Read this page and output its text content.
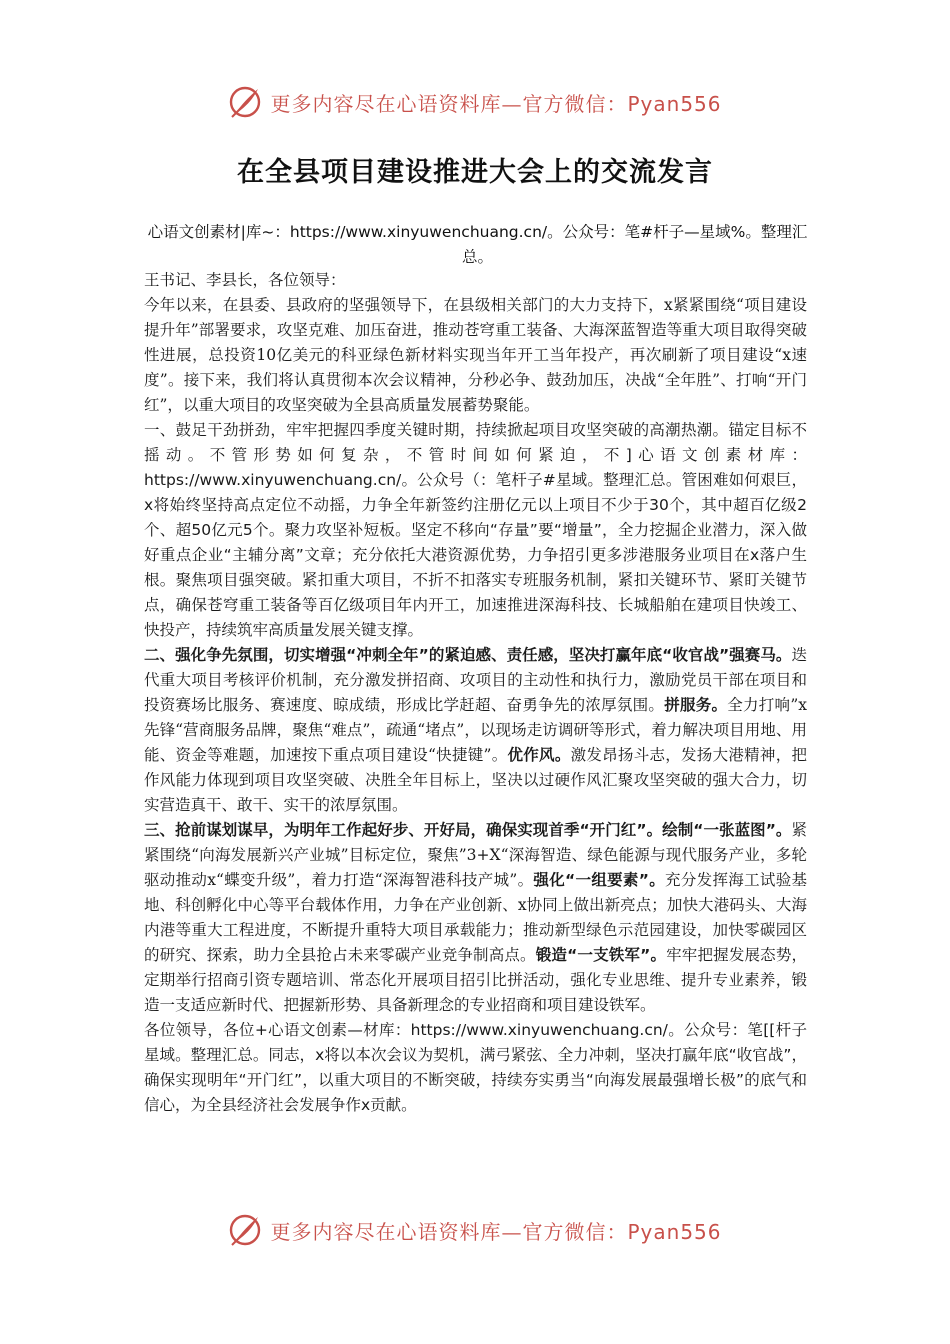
更多内容尽在心语资料库—官方微信：Pyan556
在全县项目建设推进大会上的交流发言

心语文创素材|库~：https://www.xinyuwenchuang.cn/。公众号：笔#杆子—星域%。整理汇总。

王书记、李县长，各位领导：

今年以来，在县委、县政府的坚强领导下，在县级相关部门的大力支持下，x紧紧围绕“项目建设提升年”部署要求，攻坚克难、加压奋进，推动苍穹重工装备、大海深蓝智造等重大项目取得突破性进展，总投资10亿美元的科亚绿色新材料实现当年开工当年投产，再次刷新了项目建设“x速度”。接下来，我们将认真贯彻本次会议精神，分秒必争、鼓劲加压，决战“全年胜”、打响“开门红”，以重大项目的攻坚突破为全县高质量发展蓄势聚能。

一、鼓足干劲拼劲，牢牢把握四季度关键时期，持续掀起项目攻坚突破的高潮热潮。锚定目标不摇动。不管形势如何复杂，不管时间如何紧迫，不]心语文创素材库：https://www.xinyuwenchuang.cn/。公众号（：笔杆子#星域。整理汇总。管困难如何艰巨，x将始终坚持高点定位不动摇，力争全年新签约注册亿元以上项目不少于30个，其中超百亿级2个、超50亿元5个。聚力攻坚补短板。坚定不移向“存量”要“增量”，全力挖掘企业潜力，深入做好重点企业“主辅分离”文章；充分依托大港资源优势，力争招引更多涉港服务业项目在x落户生根。聚焦项目强突破。紧扣重大项目，不折不扣落实专班服务机制，紧扣关键环节、紧盯关键节点，确保苍穹重工装备等百亿级项目年内开工，加速推进深海科技、长城船舶在建项目快竣工、快投产，持续筑牢高质量发展关键支撑。

二、强化争先氛围，切实增强“冲刺全年”的紧迫感、责任感，坚决打赢年底“收官战”强赛马。迭代重大项目考核评价机制，充分激发拼招商、攻项目的主动性和执行力，激励党员干部在项目和投资赛场比服务、赛速度、晾成绩，形成比学赶超、奋勇争先的浓厚氛围。拼服务。全力打响”x先锋“营商服务品牌，聚焦“难点”，疏通“堵点”，以现场走访调研等形式，着力解决项目用地、用能、资金等难题，加速按下重点项目建设“快捷键”。优作风。激发昂扬斗志，发扬大港精神，把作风能力体现到项目攻坚突破、决胜全年目标上，坚决以过硬作风汇聚攻坚突破的强大合力，切实营造真干、敢干、实干的浓厚氛围。

三、抢前谋划谋早，为明年工作起好步、开好局，确保实现首季“开门红”。绘制“一张蓝图”。紧紧围绕“向海发展新兴产业城”目标定位，聚焦”3+X“深海智造、绿色能源与现代服务产业，多轮驱动推动x“蝶变升级”，着力打造“深海智港科技产城”。强化“一组要素”。充分发挥海工试验基地、科创孵化中心等平台载体作用，力争在产业创新、x协同上做出新亮点；加快大港码头、大海内港等重大工程进度，不断提升重特大项目承载能力；推动新型绿色示范园建设，加快零碳园区的研究、探索，助力全县抢占未来零碳产业竞争制高点。锻造“一支铁军”。牢牢把握发展态势，定期举行招商引资专题培训、常态化开展项目招引比拼活动，强化专业思维、提升专业素养，锻造一支适应新时代、把握新形势、具备新理念的专业招商和项目建设铁军。

各位领导，各位+心语文创素—材库：https://www.xinyuwenchuang.cn/。公众号：笔[[杆子星域。整理汇总。同志，x将以本次会议为契机，满弓紧弦、全力冲刺，坚决打赢年底“收官战”，确保实现明年“开门红”，以重大项目的不断突破，持续夯实勇当“向海发展最强增长极”的底气和信心，为全县经济社会发展争作x贡献。

更多内容尽在心语资料库—官方微信：Pyan556
